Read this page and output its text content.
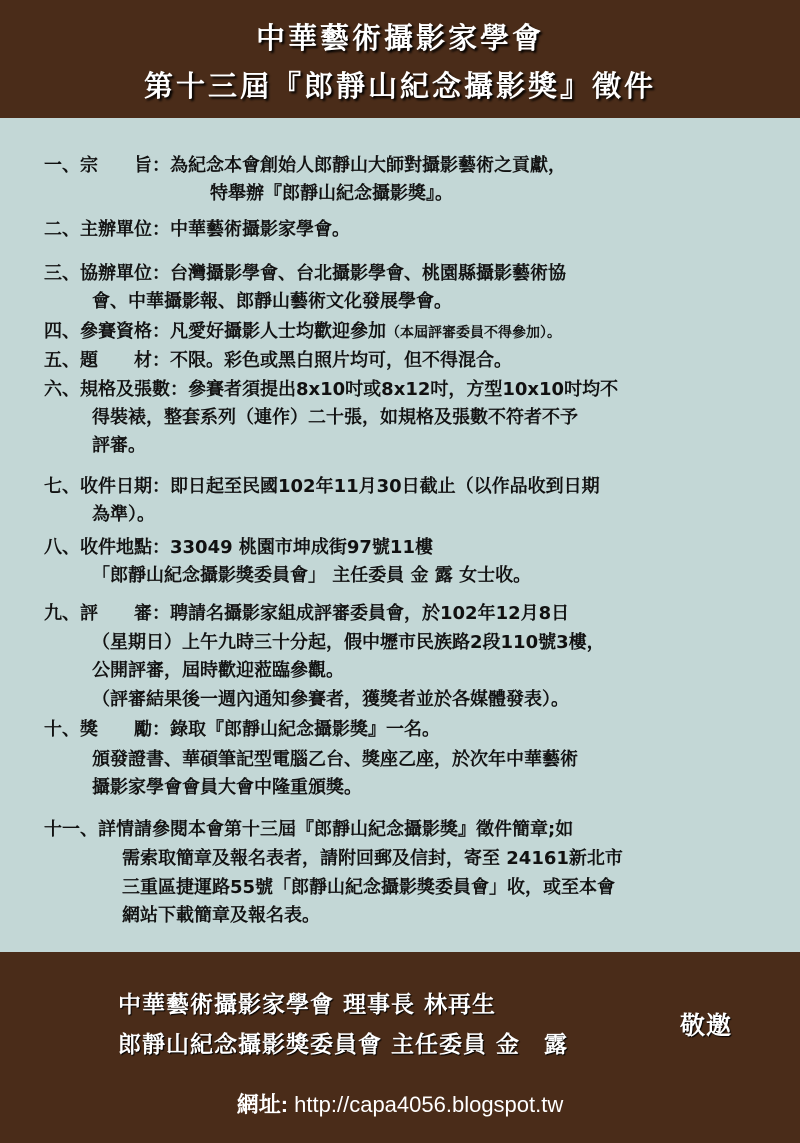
中華藝術攝影家學會
第十三屆『郎靜山紀念攝影獎』徵件
一、宗　　旨：為紀念本會創始人郎靜山大師對攝影藝術之貢獻，
特舉辦『郎靜山紀念攝影獎』。
二、主辦單位：中華藝術攝影家學會。
三、協辦單位：台灣攝影學會、台北攝影學會、桃園縣攝影藝術協
會、中華攝影報、郎靜山藝術文化發展學會。
四、參賽資格：凡愛好攝影人士均歡迎參加（本屆評審委員不得參加）。
五、題　　材：不限。彩色或黑白照片均可，但不得混合。
六、規格及張數：參賽者須提出8x10吋或8x12吋，方型10x10吋均不
得裝裱，整套系列（連作）二十張，如規格及張數不符者不予
評審。
七、收件日期：即日起至民國102年11月30日截止（以作品收到日期
為準）。
八、收件地點：33049 桃園市坤成街97號11樓
「郎靜山紀念攝影獎委員會」 主任委員 金 露 女士收。
九、評　　審：聘請名攝影家組成評審委員會，於102年12月8日
（星期日）上午九時三十分起，假中壢市民族路2段110號3樓，
公開評審，屆時歡迎蒞臨參觀。
（評審結果後一週內通知參賽者，獲獎者並於各媒體發表）。
十、獎　　勵：錄取『郎靜山紀念攝影獎』一名。
頒發證書、華碩筆記型電腦乙台、獎座乙座，於次年中華藝術
攝影家學會會員大會中隆重頒獎。
十一、詳情請參閱本會第十三屆『郎靜山紀念攝影獎』徵件簡章;如
需索取簡章及報名表者，請附回郵及信封，寄至 24161新北市
三重區捷運路55號「郎靜山紀念攝影獎委員會」收，或至本會
網站下載簡章及報名表。
中華藝術攝影家學會 理事長 林再生
郎靜山紀念攝影獎委員會 主任委員 金　露
敬邀
網址: http://capa4056.blogspot.tw
